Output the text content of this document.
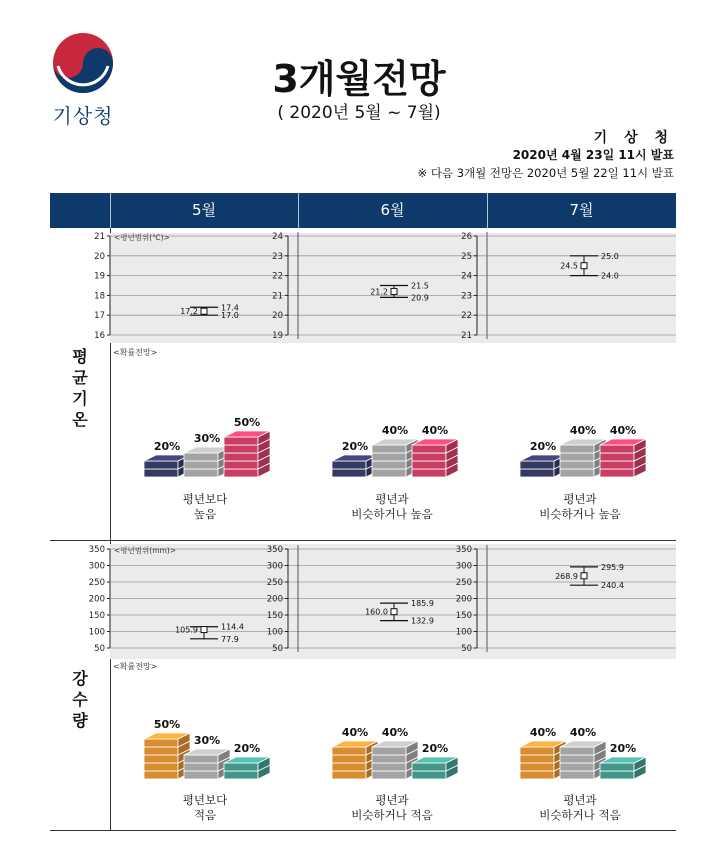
기상청
3개월전망
( 2020년 5월 ~ 7월)
기 상 청
2020년 4월 23일 11시 발표
※ 다음 3개월 전망은 2020년 5월 22일 11시 발표
5월	6월	7월
평
균
기
온
강
수
량
21
20
19
18
17
16
17.2	17.4
17.0
24
23
22
21
20
19
21.2
21.5
20.9
26
25
24
23
22
21
24.5
25.0
24.0
<평년범위(℃)>
<확률전망>
20%
30%
50%
20%
40% 40%
20%
40% 40%
평년보다
높음
평년과
비슷하거나 높음
평년과
비슷하거나 높음
350
300
250
200
150
100
50
105.9	114.4
77.9
350
300
250
200
150
100
50
160.0
185.9
132.9
350
300
250
200
150
100
50
268.9
295.9
240.4
<평년범위(mm)>
<확률전망>
50%
30%
20%
40% 40%
20%
40% 40%
20%
평년보다
적음
평년과
비슷하거나 적음
평년과
비슷하거나 적음
